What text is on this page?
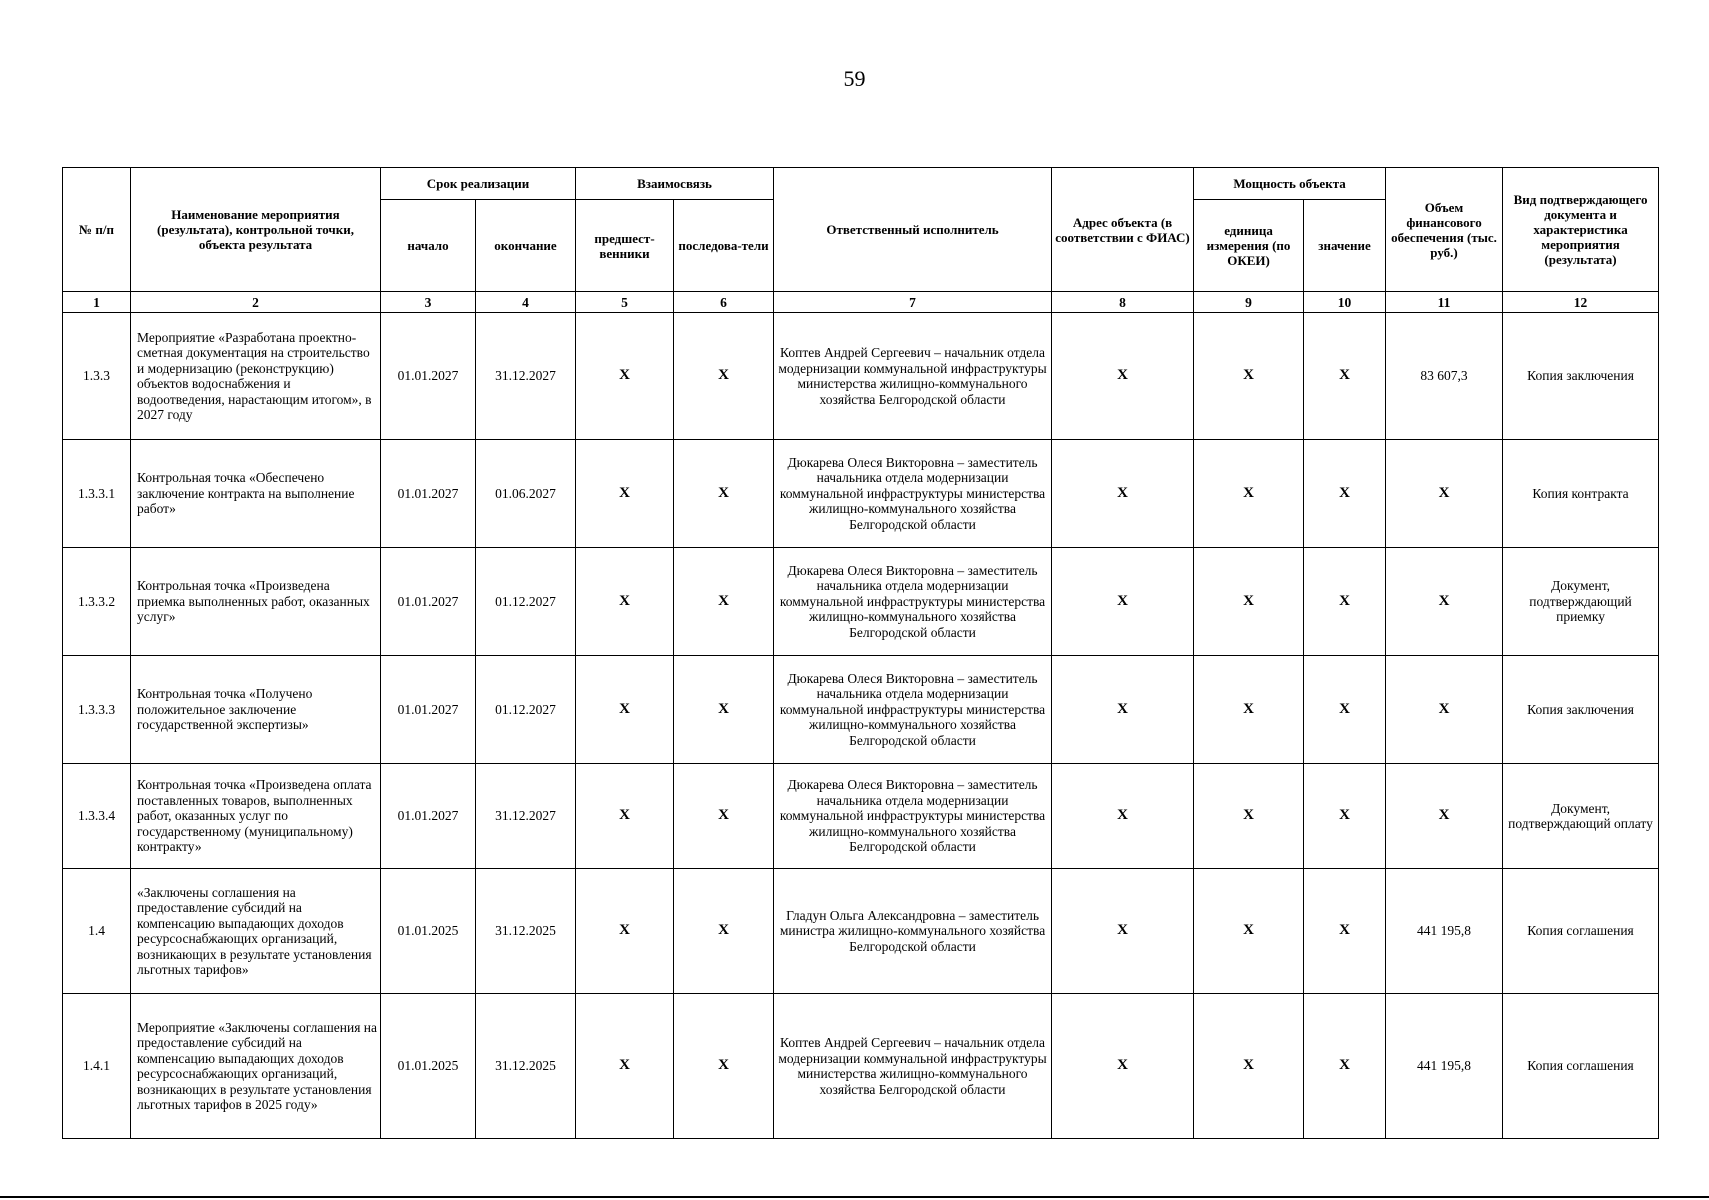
59
№ п/п	Наименование мероприятия (результата), контрольной точки, объекта результата	Срок реализации		Взаимосвязь		Ответственный исполнитель	Адрес объекта (в соответствии с ФИАС)	Мощность объекта		Объем финансового обеспечения (тыс. руб.)	Вид подтверждающего документа и характеристика мероприятия (результата)
		начало	окончание	предшест-венники	последова-тели			единица измерения (по ОКЕИ)	значение		
1	2	3	4	5	6	7	8	9	10	11	12
1.3.3	Мероприятие «Разработана проектно-сметная документация на строительство и модернизацию (реконструкцию) объектов водоснабжения и водоотведения, нарастающим итогом», в 2027 году	01.01.2027	31.12.2027	Х	Х	Коптев Андрей Сергеевич – начальник отдела модернизации коммунальной инфраструктуры министерства жилищно-коммунального хозяйства Белгородской области	Х	Х	Х	83 607,3	Копия заключения
1.3.3.1	Контрольная точка «Обеспечено заключение контракта на выполнение работ»	01.01.2027	01.06.2027	Х	Х	Дюкарева Олеся Викторовна – заместитель начальника отдела модернизации коммунальной инфраструктуры министерства жилищно-коммунального хозяйства Белгородской области	Х	Х	Х	Х	Копия контракта
1.3.3.2	Контрольная точка «Произведена приемка выполненных работ, оказанных услуг»	01.01.2027	01.12.2027	Х	Х	Дюкарева Олеся Викторовна – заместитель начальника отдела модернизации коммунальной инфраструктуры министерства жилищно-коммунального хозяйства Белгородской области	Х	Х	Х	Х	Документ, подтверждающий приемку
1.3.3.3	Контрольная точка «Получено положительное заключение государственной экспертизы»	01.01.2027	01.12.2027	Х	Х	Дюкарева Олеся Викторовна – заместитель начальника отдела модернизации коммунальной инфраструктуры министерства жилищно-коммунального хозяйства Белгородской области	Х	Х	Х	Х	Копия заключения
1.3.3.4	Контрольная точка «Произведена оплата поставленных товаров, выполненных работ, оказанных услуг по государственному (муниципальному) контракту»	01.01.2027	31.12.2027	Х	Х	Дюкарева Олеся Викторовна – заместитель начальника отдела модернизации коммунальной инфраструктуры министерства жилищно-коммунального хозяйства Белгородской области	Х	Х	Х	Х	Документ, подтверждающий оплату
1.4	«Заключены соглашения на предоставление субсидий на компенсацию выпадающих доходов ресурсоснабжающих организаций, возникающих в результате установления льготных тарифов»	01.01.2025	31.12.2025	Х	Х	Гладун Ольга Александровна – заместитель министра жилищно-коммунального хозяйства Белгородской области	Х	Х	Х	441 195,8	Копия соглашения
1.4.1	Мероприятие «Заключены соглашения на предоставление субсидий на компенсацию выпадающих доходов ресурсоснабжающих организаций, возникающих в результате установления льготных тарифов в 2025 году»	01.01.2025	31.12.2025	Х	Х	Коптев Андрей Сергеевич – начальник отдела модернизации коммунальной инфраструктуры министерства жилищно-коммунального хозяйства Белгородской области	Х	Х	Х	441 195,8	Копия соглашения
